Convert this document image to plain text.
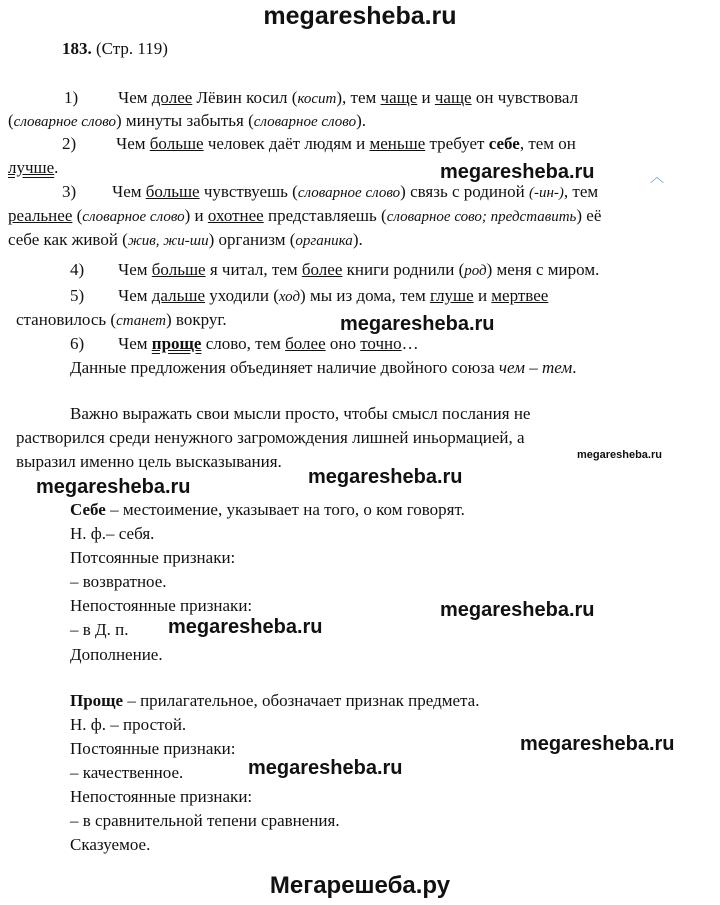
megaresheba.ru
megaresheba.ru
megaresheba.ru
megaresheba.ru
megaresheba.ru
megaresheba.ru
megaresheba.ru
megaresheba.ru
megaresheba.ru
megaresheba.ru
Мегарешеба.ру
︿
183. (Стр. 119)
1) Чем долее Лёвин косил (косит), тем чаще и чаще он чувствовал
(словарное слово) минуты забытья (словарное слово).
2) Чем больше человек даёт людям и меньше требует себе, тем он
лучше.
3) Чем больше чувствуешь (словарное слово) связь с родиной (-ин-), тем
реальнее (словарное слово) и охотнее представляешь (словарное сово; представить) её
себе как живой (жив, жи-ши) организм (органика).
4) Чем больше я читал, тем более книги роднили (род) меня с миром.
5) Чем дальше уходили (ход) мы из дома, тем глуше и мертвее
становилось (станет) вокруг.
6) Чем проще слово, тем более оно точно…
Данные предложения объединяет наличие двойного союза чем – тем.
Важно выражать свои мысли просто, чтобы смысл послания не
растворился среди ненужного загромождения лишней иньормацией, а
выразил именно цель высказывания.
Себе – местоимение, указывает на того, о ком говорят.
Н. ф.– себя.
Потсоянные признаки:
– возвратное.
Непостоянные признаки:
– в Д. п.
Дополнение.
Проще – прилагательное, обозначает признак предмета.
Н. ф. – простой.
Постоянные признаки:
– качественное.
Непостоянные признаки:
– в сравнительной тепени сравнения.
Сказуемое.
